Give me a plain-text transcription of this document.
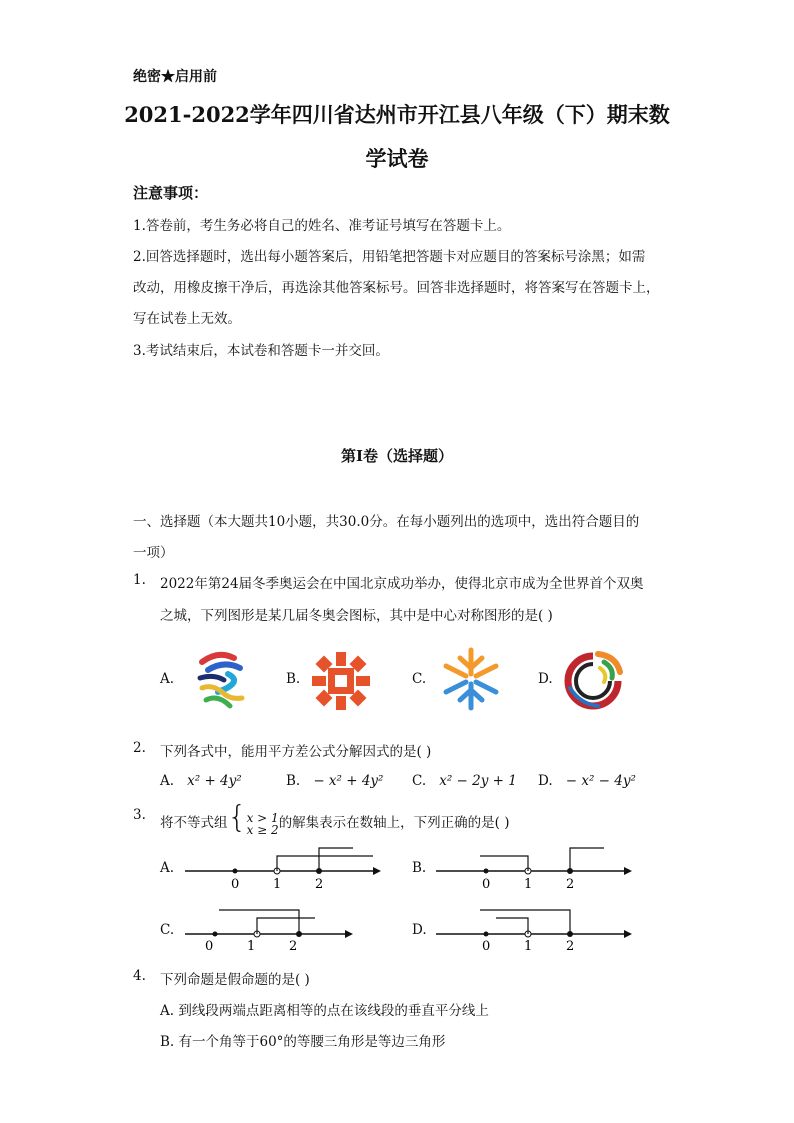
绝密★启用前
2021-2022学年四川省达州市开江县八年级（下）期末数
学试卷
注意事项：
1.答卷前，考生务必将自己的姓名、准考证号填写在答题卡上。
2.回答选择题时，选出每小题答案后，用铅笔把答题卡对应题目的答案标号涂黑；如需
改动，用橡皮擦干净后，再选涂其他答案标号。回答非选择题时，将答案写在答题卡上，
写在试卷上无效。
3.考试结束后，本试卷和答题卡一并交回。
第Ⅰ卷（选择题）
一、选择题（本大题共10小题，共30.0分。在每小题列出的选项中，选出符合题目的
一项）
1. 2022年第24届冬季奥运会在中国北京成功举办，使得北京市成为全世界首个双奥
之城，下列图形是某几届冬奥会图标，其中是中心对称图形的是( )
A.	B.	C.	D.
2. 下列各式中，能用平方差公式分解因式的是( )
A. x² + 4y²	B. − x² + 4y² C. x² − 2y + 1 D. − x² − 4y²
3. 将不等式组{x > 1
x ≥ 2的解集表示在数轴上，下列正确的是( )
A.
0	1	2
B.
0	1	2
C.
0	1	2
D.
0	1	2
4. 下列命题是假命题的是( )
A. 到线段两端点距离相等的点在该线段的垂直平分线上
B. 有一个角等于60°的等腰三角形是等边三角形
